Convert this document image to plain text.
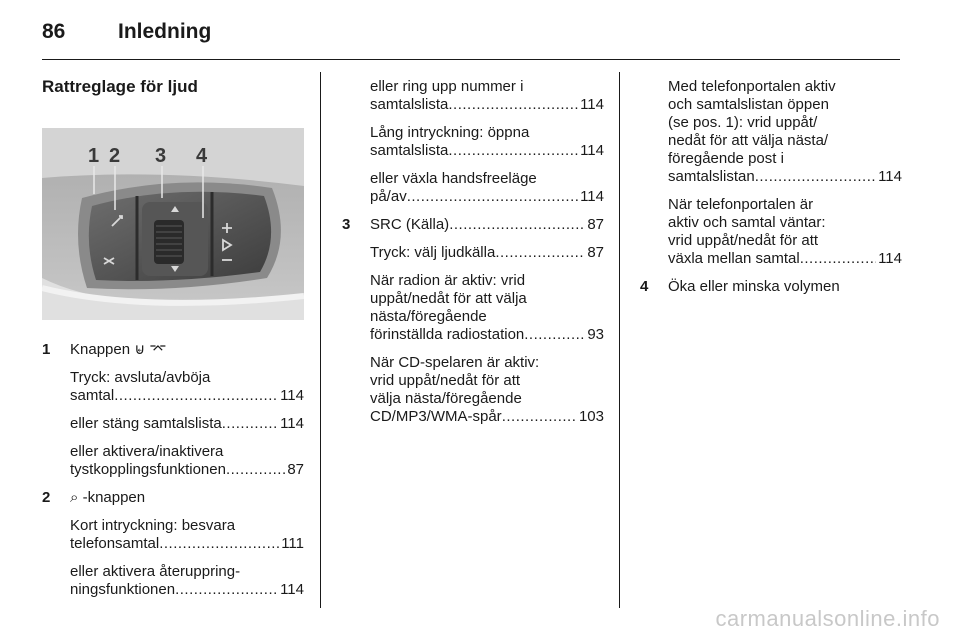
86	Inledning
Rattreglage för ljud
1 2 3 4
1 Knappen ⊌ ⌤
Tryck: avsluta/avböja
samtal .....	114
eller stäng samtalslista .....	114
eller aktivera/inaktivera
tystkopplingsfunktionen .....	87
2 ⌕ -knappen
Kort intryckning: besvara
telefonsamtal .....	111
eller aktivera återuppring-
ningsfunktionen .....	114
eller ring upp nummer i
samtalslista .....	114
Lång intryckning: öppna
samtalslista .....	114
eller växla handsfreeläge
på/av .....	114
3 SRC (Källa) .....	87
Tryck: välj ljudkälla .....	87
När radion är aktiv: vrid
uppåt/nedåt för att välja
nästa/föregående
förinställda radiostation .....	93
När CD-spelaren är aktiv:
vrid uppåt/nedåt för att
välja nästa/föregående
CD/MP3/WMA-spår .....	103
Med telefonportalen aktiv
och samtalslistan öppen
(se pos. 1): vrid uppåt/
nedåt för att välja nästa/
föregående post i
samtalslistan .....	114
När telefonportalen är
aktiv och samtal väntar:
vrid uppåt/nedåt för att
växla mellan samtal .....	114
4 Öka eller minska volymen
carmanualsonline.info
